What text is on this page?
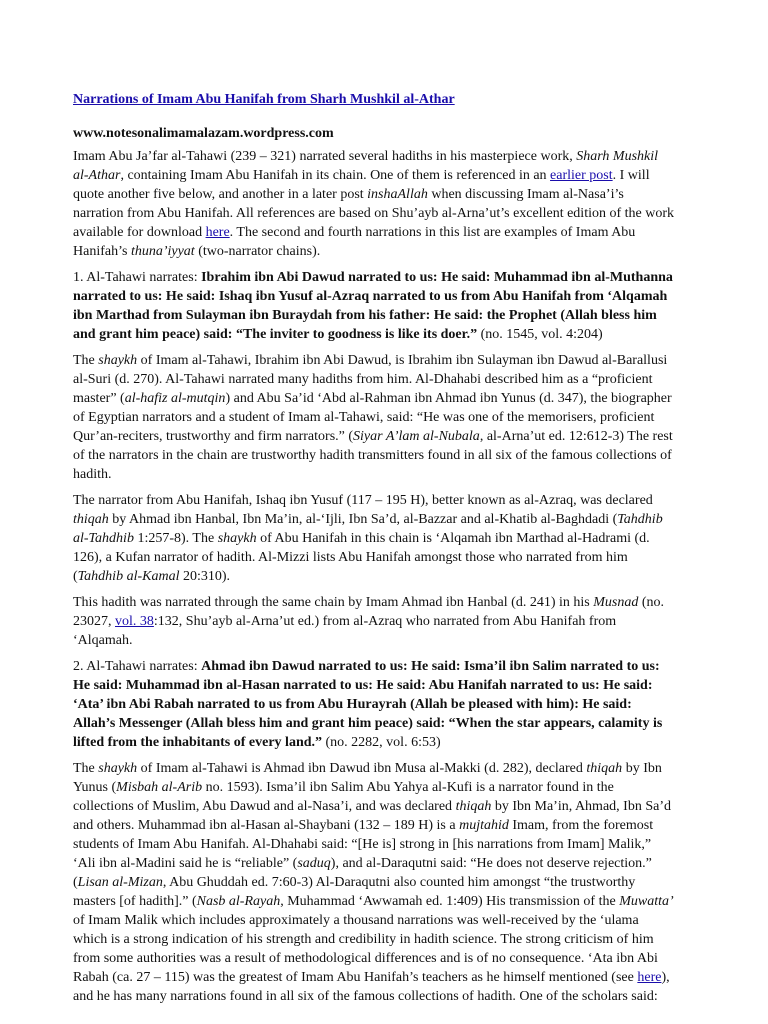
Narrations of Imam Abu Hanifah from Sharh Mushkil al-Athar

www.notesonalimamalazam.wordpress.com

Imam Abu Ja’far al-Tahawi (239 – 321) narrated several hadiths in his masterpiece work, Sharh Mushkil al-Athar, containing Imam Abu Hanifah in its chain. One of them is referenced in an earlier post. I will quote another five below, and another in a later post inshaAllah when discussing Imam al-Nasa’i’s narration from Abu Hanifah. All references are based on Shu’ayb al-Arna’ut’s excellent edition of the work available for download here. The second and fourth narrations in this list are examples of Imam Abu Hanifah’s thuna’iyyat (two-narrator chains).

1. Al-Tahawi narrates: Ibrahim ibn Abi Dawud narrated to us: He said: Muhammad ibn al-Muthanna narrated to us: He said: Ishaq ibn Yusuf al-Azraq narrated to us from Abu Hanifah from ‘Alqamah ibn Marthad from Sulayman ibn Buraydah from his father: He said: the Prophet (Allah bless him and grant him peace) said: “The inviter to goodness is like its doer.” (no. 1545, vol. 4:204)

The shaykh of Imam al-Tahawi, Ibrahim ibn Abi Dawud, is Ibrahim ibn Sulayman ibn Dawud al-Barallusi al-Suri (d. 270). Al-Tahawi narrated many hadiths from him. Al-Dhahabi described him as a “proficient master” (al-hafiz al-mutqin) and Abu Sa’id ‘Abd al-Rahman ibn Ahmad ibn Yunus (d. 347), the biographer of Egyptian narrators and a student of Imam al-Tahawi, said: “He was one of the memorisers, proficient Qur’an-reciters, trustworthy and firm narrators.” (Siyar A’lam al-Nubala, al-Arna’ut ed. 12:612-3) The rest of the narrators in the chain are trustworthy hadith transmitters found in all six of the famous collections of hadith.

The narrator from Abu Hanifah, Ishaq ibn Yusuf (117 – 195 H), better known as al-Azraq, was declared thiqah by Ahmad ibn Hanbal, Ibn Ma’in, al-‘Ijli, Ibn Sa’d, al-Bazzar and al-Khatib al-Baghdadi (Tahdhib al-Tahdhib 1:257-8). The shaykh of Abu Hanifah in this chain is ‘Alqamah ibn Marthad al-Hadrami (d. 126), a Kufan narrator of hadith. Al-Mizzi lists Abu Hanifah amongst those who narrated from him (Tahdhib al-Kamal 20:310).

This hadith was narrated through the same chain by Imam Ahmad ibn Hanbal (d. 241) in his Musnad (no. 23027, vol. 38:132, Shu’ayb al-Arna’ut ed.) from al-Azraq who narrated from Abu Hanifah from ‘Alqamah.

2. Al-Tahawi narrates: Ahmad ibn Dawud narrated to us: He said: Isma’il ibn Salim narrated to us: He said: Muhammad ibn al-Hasan narrated to us: He said: Abu Hanifah narrated to us: He said: ‘Ata’ ibn Abi Rabah narrated to us from Abu Hurayrah (Allah be pleased with him): He said: Allah’s Messenger (Allah bless him and grant him peace) said: “When the star appears, calamity is lifted from the inhabitants of every land.” (no. 2282, vol. 6:53)

The shaykh of Imam al-Tahawi is Ahmad ibn Dawud ibn Musa al-Makki (d. 282), declared thiqah by Ibn Yunus (Misbah al-Arib no. 1593). Isma’il ibn Salim Abu Yahya al-Kufi is a narrator found in the collections of Muslim, Abu Dawud and al-Nasa’i, and was declared thiqah by Ibn Ma’in, Ahmad, Ibn Sa’d and others. Muhammad ibn al-Hasan al-Shaybani (132 – 189 H) is a mujtahid Imam, from the foremost students of Imam Abu Hanifah. Al-Dhahabi said: “[He is] strong in [his narrations from Imam] Malik,” ‘Ali ibn al-Madini said he is “reliable” (saduq), and al-Daraqutni said: “He does not deserve rejection.” (Lisan al-Mizan, Abu Ghuddah ed. 7:60-3) Al-Daraqutni also counted him amongst “the trustworthy masters [of hadith].” (Nasb al-Rayah, Muhammad ‘Awwamah ed. 1:409) His transmission of the Muwatta’ of Imam Malik which includes approximately a thousand narrations was well-received by the ‘ulama which is a strong indication of his strength and credibility in hadith science. The strong criticism of him from some authorities was a result of methodological differences and is of no consequence. ‘Ata ibn Abi Rabah (ca. 27 – 115) was the greatest of Imam Abu Hanifah’s teachers as he himself mentioned (see here), and he has many narrations found in all six of the famous collections of hadith. One of the scholars said:
